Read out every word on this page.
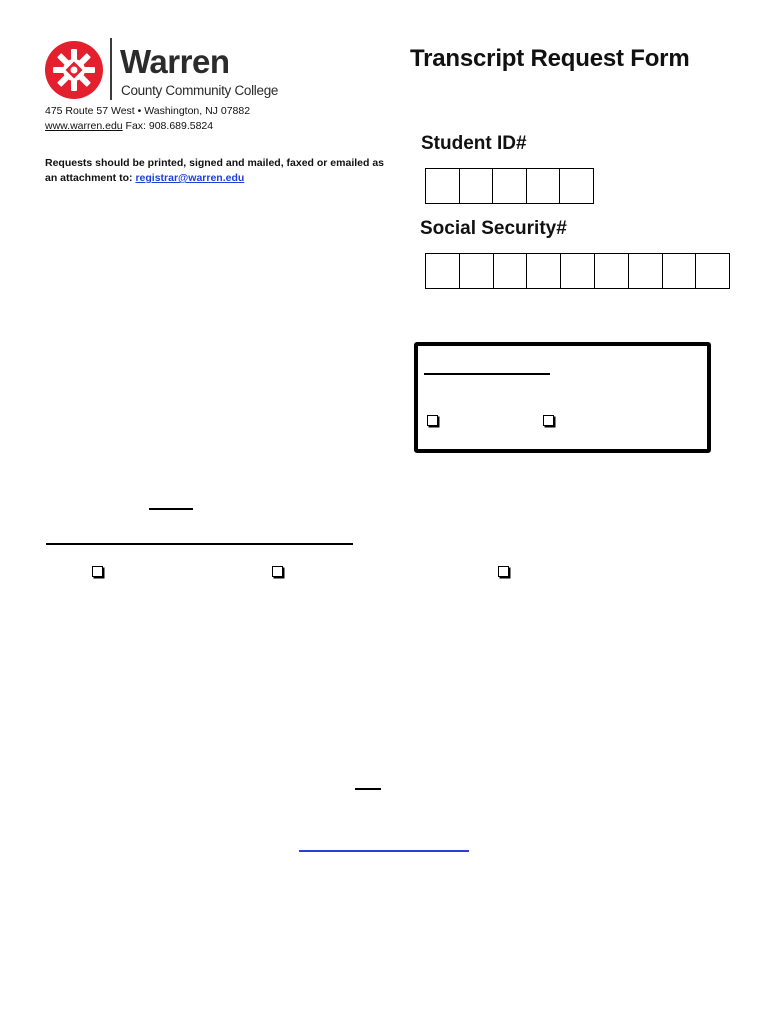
Warren
County Community College
475 Route 57 West • Washington, NJ 07882
www.warren.edu Fax: 908.689.5824
Requests should be printed, signed and mailed, faxed or emailed as an attachment to: registrar@warren.edu
Transcript Request Form
Student ID#
Social Security#
